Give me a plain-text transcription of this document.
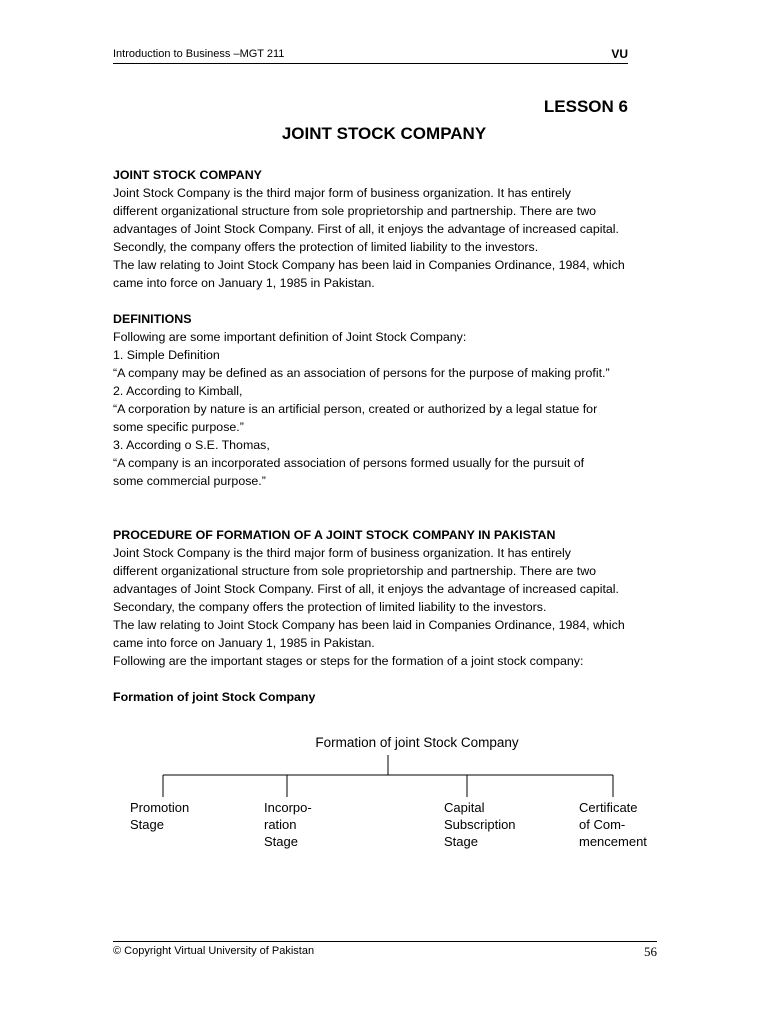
Introduction to Business –MGT 211	VU
LESSON 6
JOINT STOCK COMPANY

JOINT STOCK COMPANY

Joint Stock Company is the third major form of business organization. It has entirely

different organizational structure from sole proprietorship and partnership. There are two

advantages of Joint Stock Company. First of all, it enjoys the advantage of increased capital.

Secondly, the company offers the protection of limited liability to the investors.

The law relating to Joint Stock Company has been laid in Companies Ordinance, 1984, which

came into force on January 1, 1985 in Pakistan.

DEFINITIONS

Following are some important definition of Joint Stock Company:

1. Simple Definition

“A company may be defined as an association of persons for the purpose of making profit.”

2. According to Kimball,

“A corporation by nature is an artificial person, created or authorized by a legal statue for

some specific purpose.”

3. According o S.E. Thomas,

“A company is an incorporated association of persons formed usually for the pursuit of

some commercial purpose.”

PROCEDURE OF FORMATION OF A JOINT STOCK COMPANY IN PAKISTAN

Joint Stock Company is the third major form of business organization. It has entirely

different organizational structure from sole proprietorship and partnership. There are two

advantages of Joint Stock Company. First of all, it enjoys the advantage of increased capital.

Secondary, the company offers the protection of limited liability to the investors.

The law relating to Joint Stock Company has been laid in Companies Ordinance, 1984, which

came into force on January 1, 1985 in Pakistan.

Following are the important stages or steps for the formation of a joint stock company:

Formation of joint Stock Company

Formation of joint Stock Company
Promotion Stage
Incorpo- ration Stage
Capital Subscription Stage
Certificate of Com- mencement
© Copyright Virtual University of Pakistan	56
